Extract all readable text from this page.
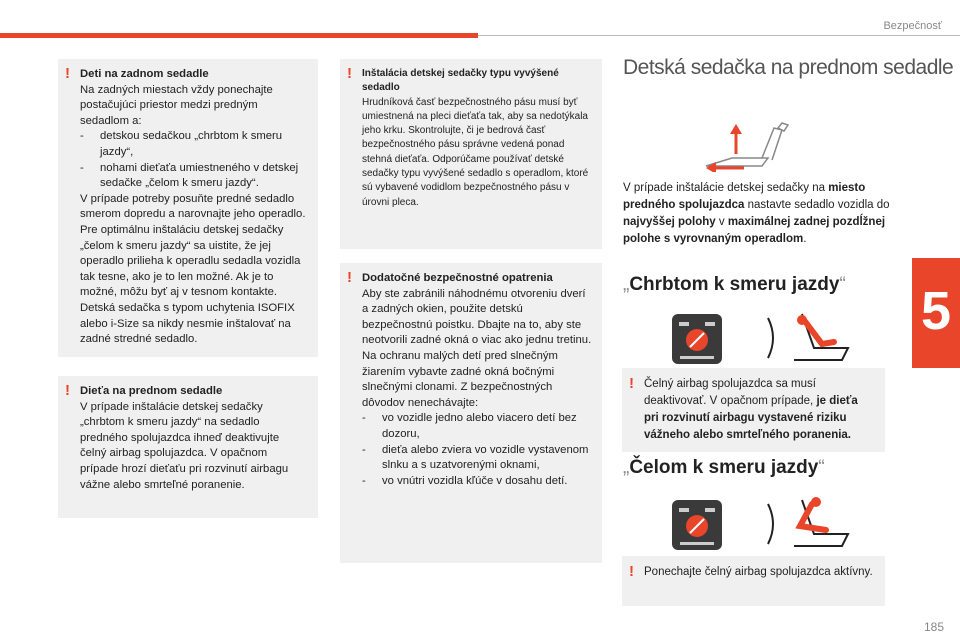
Bezpečnosť
5
185
! Deti na zadnom sedadle

Na zadných miestach vždy ponechajte postačujúci priestor medzi predným sedadlom a:

- detskou sedačkou „chrbtom k smeru jazdy“,
- nohami dieťaťa umiestneného v detskej sedačke „čelom k smeru jazdy“.

V prípade potreby posuňte predné sedadlo smerom dopredu a narovnajte jeho operadlo. Pre optimálnu inštaláciu detskej sedačky „čelom k smeru jazdy“ sa uistite, že jej operadlo prilieha k operadlu sedadla vozidla tak tesne, ako je to len možné. Ak je to možné, môžu byť aj v tesnom kontakte. Detská sedačka s typom uchytenia ISOFIX alebo i-Size sa nikdy nesmie inštalovať na zadné stredné sedadlo.

! Dieťa na prednom sedadle

V prípade inštalácie detskej sedačky „chrbtom k smeru jazdy“ na sedadlo predného spolujazdca ihneď deaktivujte čelný airbag spolujazdca. V opačnom prípade hrozí dieťaťu pri rozvinutí airbagu vážne alebo smrteľné poranenie.

! Inštalácia detskej sedačky typu vyvýšené sedadlo

Hrudníková časť bezpečnostného pásu musí byť umiestnená na pleci dieťaťa tak, aby sa nedotýkala jeho krku. Skontrolujte, či je bedrová časť bezpečnostného pásu správne vedená ponad stehná dieťaťa. Odporúčame používať detské sedačky typu vyvýšené sedadlo s operadlom, ktoré sú vybavené vodidlom bezpečnostného pásu v úrovni pleca.

! Dodatočné bezpečnostné opatrenia

Aby ste zabránili náhodnému otvoreniu dverí a zadných okien, použite detskú bezpečnostnú poistku. Dbajte na to, aby ste neotvorili zadné okná o viac ako jednu tretinu. Na ochranu malých detí pred slnečným žiarením vybavte zadné okná bočnými slnečnými clonami. Z bezpečnostných dôvodov nenechávajte:

- vo vozidle jedno alebo viacero detí bez dozoru,
- dieťa alebo zviera vo vozidle vystavenom slnku a s uzatvorenými oknami,
- vo vnútri vozidla kľúče v dosahu detí.
Detská sedačka na prednom sedadle
V prípade inštalácie detskej sedačky na miesto predného spolujazdca nastavte sedadlo vozidla do najvyššej polohy v maximálnej zadnej pozdĺžnej polohe s vyrovnaným operadlom.
„Chrbtom k smeru jazdy“
! Čelný airbag spolujazdca sa musí deaktivovať. V opačnom prípade, je dieťa pri rozvinutí airbagu vystavené riziku vážneho alebo smrteľného poranenia.
„Čelom k smeru jazdy“
! Ponechajte čelný airbag spolujazdca aktívny.
